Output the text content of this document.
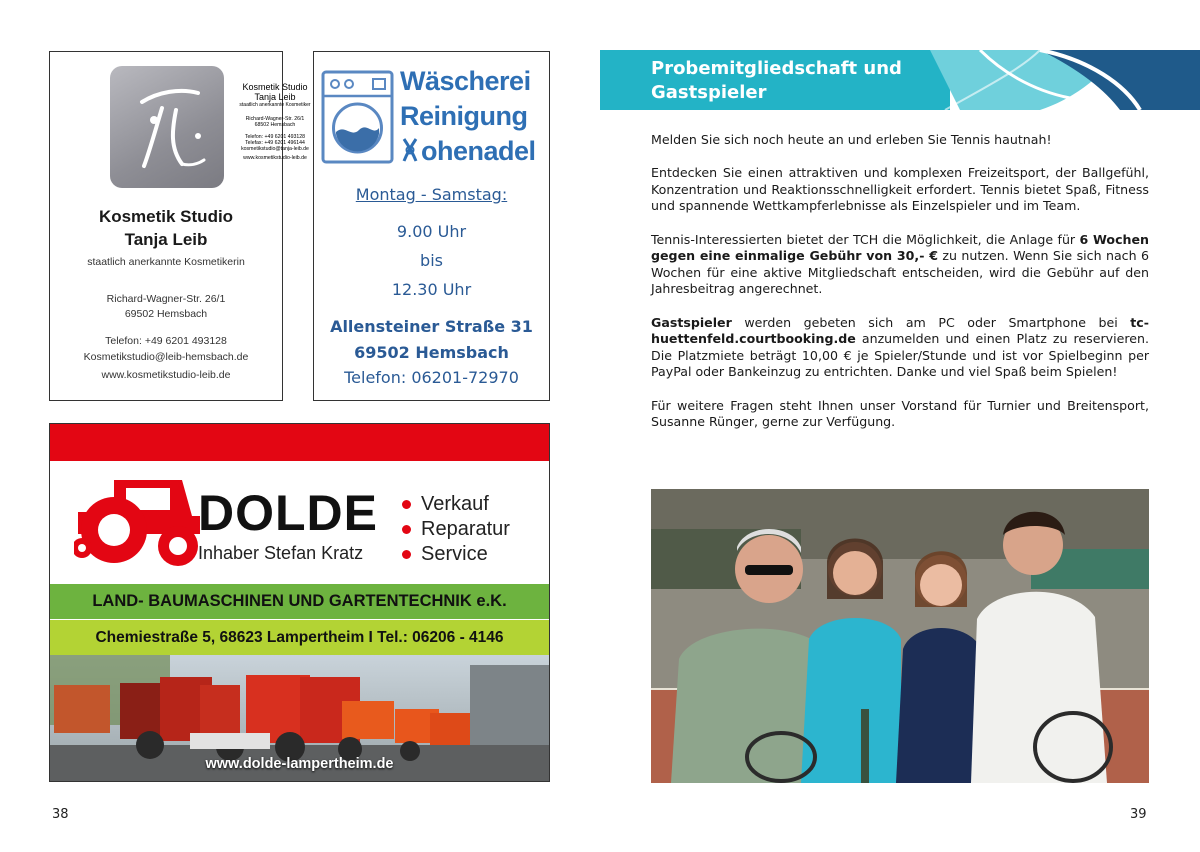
Kosmetik Studio
Tanja Leib
staatlich anerkannte Kosmetiker
Richard-Wagner-Str. 26/1
68502 Hemsbach
Telefon: +49 6201 493128
Telefax: +49 6201 496144
kosmetikstudio@tanja-leib.de
www.kosmetikstudio-leib.de
Kosmetik Studio
Tanja Leib
staatlich anerkannte Kosmetikerin
Richard-Wagner-Str. 26/1
69502 Hemsbach
Telefon: +49 6201 493128
Kosmetikstudio@leib-hemsbach.de
www.kosmetikstudio-leib.de
Wäscherei
Reinigung
ohenadel
Montag - Samstag:
9.00 Uhr
bis
12.30 Uhr
Allensteiner Straße 31
69502 Hemsbach
Telefon: 06201-72970
DOLDE
Inhaber Stefan Kratz
Verkauf
Reparatur
Service
LAND- BAUMASCHINEN UND GARTENTECHNIK e.K.
Chemiestraße 5, 68623 Lampertheim I Tel.: 06206 - 4146
www.dolde-lampertheim.de
38
Probemitgliedschaft und
Gastspieler

Melden Sie sich noch heute an und erleben Sie Tennis hautnah!

Entdecken Sie einen attraktiven und komplexen Freizeitsport, der Ballgefühl, Konzentration und Reaktionsschnelligkeit erfordert. Tennis bietet Spaß, Fitness und spannende Wettkampferlebnisse als Einzelspieler und im Team.

Tennis-Interessierten bietet der TCH die Möglichkeit, die Anlage für 6 Wochen gegen eine einmalige Gebühr von 30,- € zu nutzen. Wenn Sie sich nach 6 Wochen für eine aktive Mitgliedschaft entscheiden, wird die Gebühr auf den Jahresbeitrag angerechnet.

Gastspieler werden gebeten sich am PC oder Smartphone bei tc-huettenfeld.courtbooking.de anzumelden und einen Platz zu reservieren. Die Platzmiete beträgt 10,00 € je Spieler/Stunde und ist vor Spielbeginn per PayPal oder Bankeinzug zu entrichten. Danke und viel Spaß beim Spielen!

Für weitere Fragen steht Ihnen unser Vorstand für Turnier und Breitensport, Susanne Rünger, gerne zur Verfügung.

39
